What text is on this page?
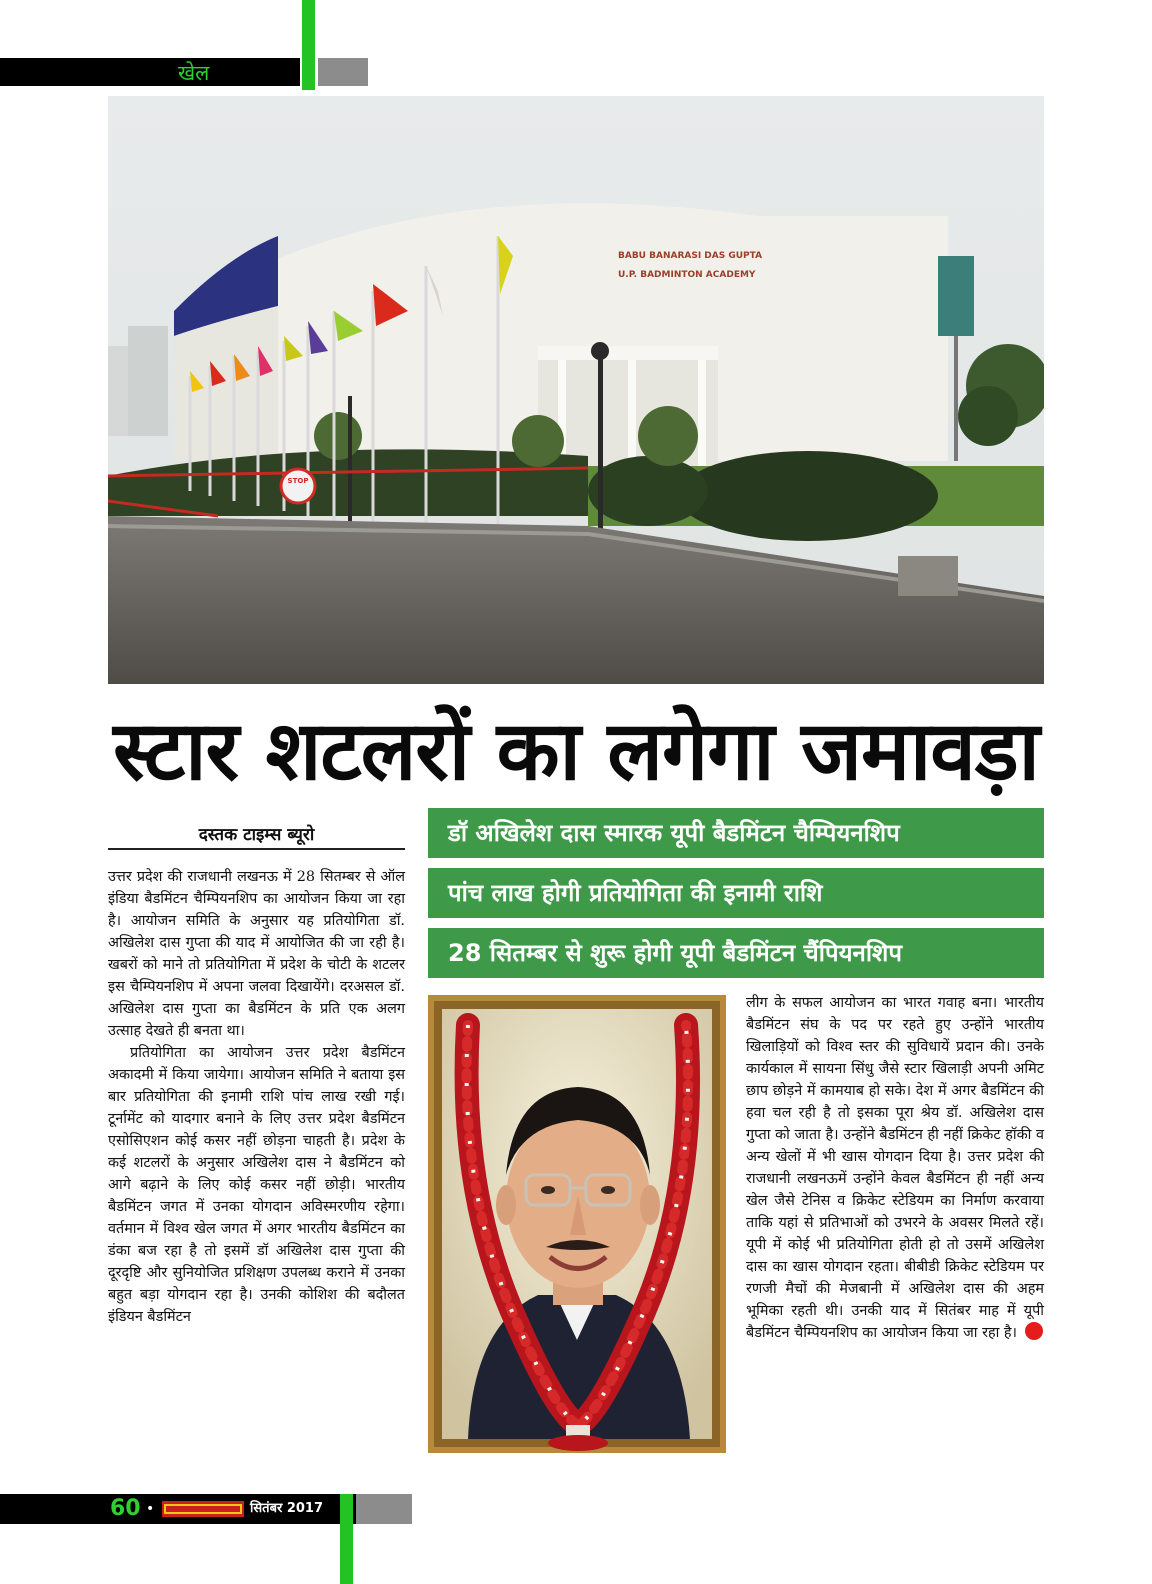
खेल
BABU BANARASI DAS GUPTA
U.P. BADMINTON ACADEMY
STOP
स्टार शटलरों का लगेगा जमावड़ा
दस्तक टाइम्स ब्यूरो	डॉ अखिलेश दास स्मारक यूपी बैडमिंटन चैम्पियनशिप
पांच लाख होगी प्रतियोगिता की इनामी राशि
28 सितम्बर से शुरू होगी यूपी बैडमिंटन चैंपियनशिप

उत्तर प्रदेश की राजधानी लखनऊ में 28 सितम्बर से ऑल इंडिया बैडमिंटन चैम्पियनशिप का आयोजन किया जा रहा है। आयोजन समिति के अनुसार यह प्रतियोगिता डॉ. अखिलेश दास गुप्ता की याद में आयोजित की जा रही है। खबरों को माने तो प्रतियोगिता में प्रदेश के चोटी के शटलर इस चैम्पियनशिप में अपना जलवा दिखायेंगे। दरअसल डॉ. अखिलेश दास गुप्ता का बैडमिंटन के प्रति एक अलग उत्साह देखते ही बनता था।

प्रतियोगिता का आयोजन उत्तर प्रदेश बैडमिंटन अकादमी में किया जायेगा। आयोजन समिति ने बताया इस बार प्रतियोगिता की इनामी राशि पांच लाख रखी गई। टूर्नामेंट को यादगार बनाने के लिए उत्तर प्रदेश बैडमिंटन एसोसिएशन कोई कसर नहीं छोड़ना चाहती है। प्रदेश के कई शटलरों के अनुसार अखिलेश दास ने बैडमिंटन को आगे बढ़ाने के लिए कोई कसर नहीं छोड़ी। भारतीय बैडमिंटन जगत में उनका योगदान अविस्मरणीय रहेगा। वर्तमान में विश्व खेल जगत में अगर भारतीय बैडमिंटन का डंका बज रहा है तो इसमें डॉ अखिलेश दास गुप्ता की दूरदृष्टि और सुनियोजित प्रशिक्षण उपलब्ध कराने में उनका बहुत बड़ा योगदान रहा है। उनकी कोशिश की बदौलत इंडियन बैडमिंटन

लीग के सफल आयोजन का भारत गवाह बना। भारतीय बैडमिंटन संघ के पद पर रहते हुए उन्होंने भारतीय खिलाड़ियों को विश्व स्तर की सुविधायें प्रदान की। उनके कार्यकाल में सायना सिंधु जैसे स्टार खिलाड़ी अपनी अमिट छाप छोड़ने में कामयाब हो सके। देश में अगर बैडमिंटन की हवा चल रही है तो इसका पूरा श्रेय डॉ. अखिलेश दास गुप्ता को जाता है। उन्होंने बैडमिंटन ही नहीं क्रिकेट हॉकी व अन्य खेलों में भी खास योगदान दिया है। उत्तर प्रदेश की राजधानी लखनऊमें उन्होंने केवल बैडमिंटन ही नहीं अन्य खेल जैसे टेनिस व क्रिकेट स्टेडियम का निर्माण करवाया ताकि यहां से प्रतिभाओं को उभरने के अवसर मिलते रहें। यूपी में कोई भी प्रतियोगिता होती हो तो उसमें अखिलेश दास का खास योगदान रहता। बीबीडी क्रिकेट स्टेडियम पर रणजी मैचों की मेजबानी में अखिलेश दास की अहम भूमिका रहती थी। उनकी याद में सितंबर माह में यूपी बैडमिंटन चैम्पियनशिप का आयोजन किया जा रहा है।

60 •	सितंबर 2017
